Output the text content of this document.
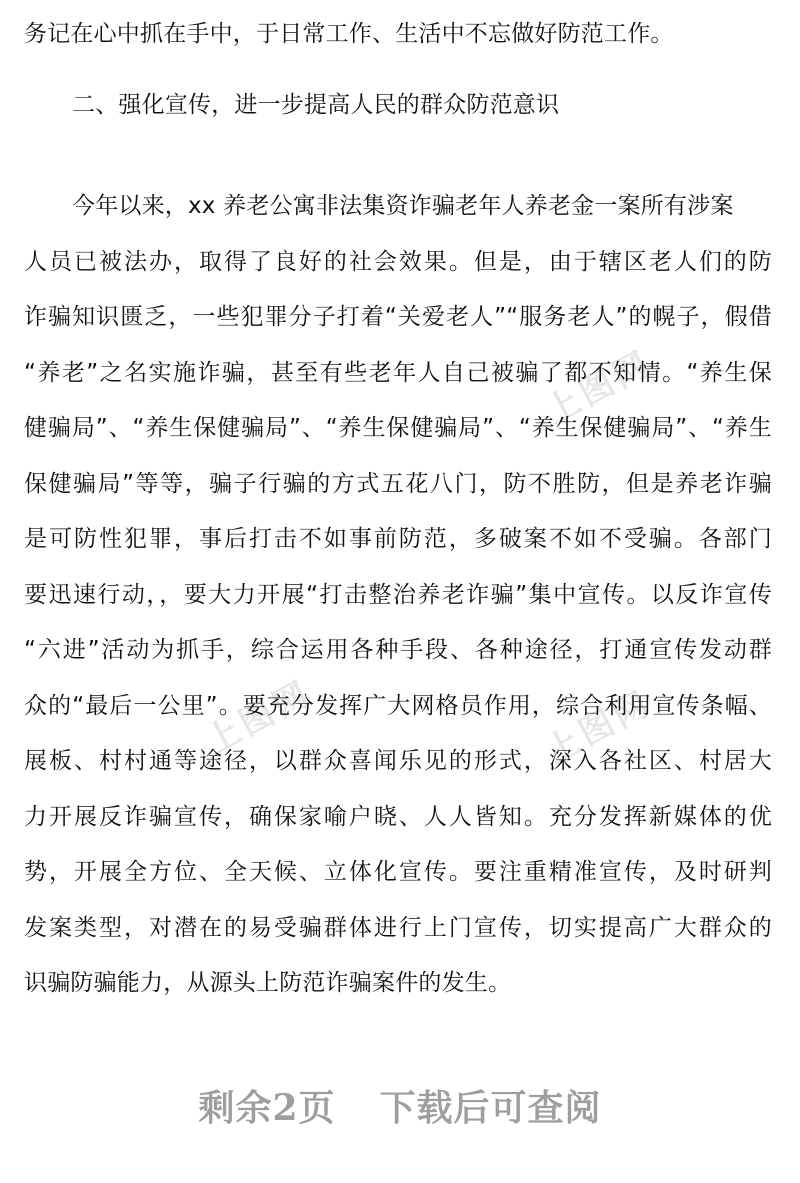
上图网
上图网	上图网
务记在心中抓在手中，于日常工作、生活中不忘做好防范工作。
二、强化宣传，进一步提高人民的群众防范意识
今年以来，xx 养老公寓非法集资诈骗老年人养老金一案所有涉案
人员已被法办，取得了良好的社会效果。但是，由于辖区老人们的防
诈骗知识匮乏，一些犯罪分子打着“关爱老人”“服务老人”的幌子，假借
“养老”之名实施诈骗，甚至有些老年人自己被骗了都不知情。“养生保
健骗局”、“养生保健骗局”、“养生保健骗局”、“养生保健骗局”、“养生
保健骗局”等等，骗子行骗的方式五花八门，防不胜防，但是养老诈骗
是可防性犯罪，事后打击不如事前防范，多破案不如不受骗。各部门
要迅速行动，，要大力开展“打击整治养老诈骗”集中宣传。以反诈宣传
“六进”活动为抓手，综合运用各种手段、各种途径，打通宣传发动群
众的“最后一公里”。要充分发挥广大网格员作用，综合利用宣传条幅、
展板、村村通等途径，以群众喜闻乐见的形式，深入各社区、村居大
力开展反诈骗宣传，确保家喻户晓、人人皆知。充分发挥新媒体的优
势，开展全方位、全天候、立体化宣传。要注重精准宣传，及时研判
发案类型，对潜在的易受骗群体进行上门宣传，切实提高广大群众的
识骗防骗能力，从源头上防范诈骗案件的发生。
剩余2页 下载后可查阅
